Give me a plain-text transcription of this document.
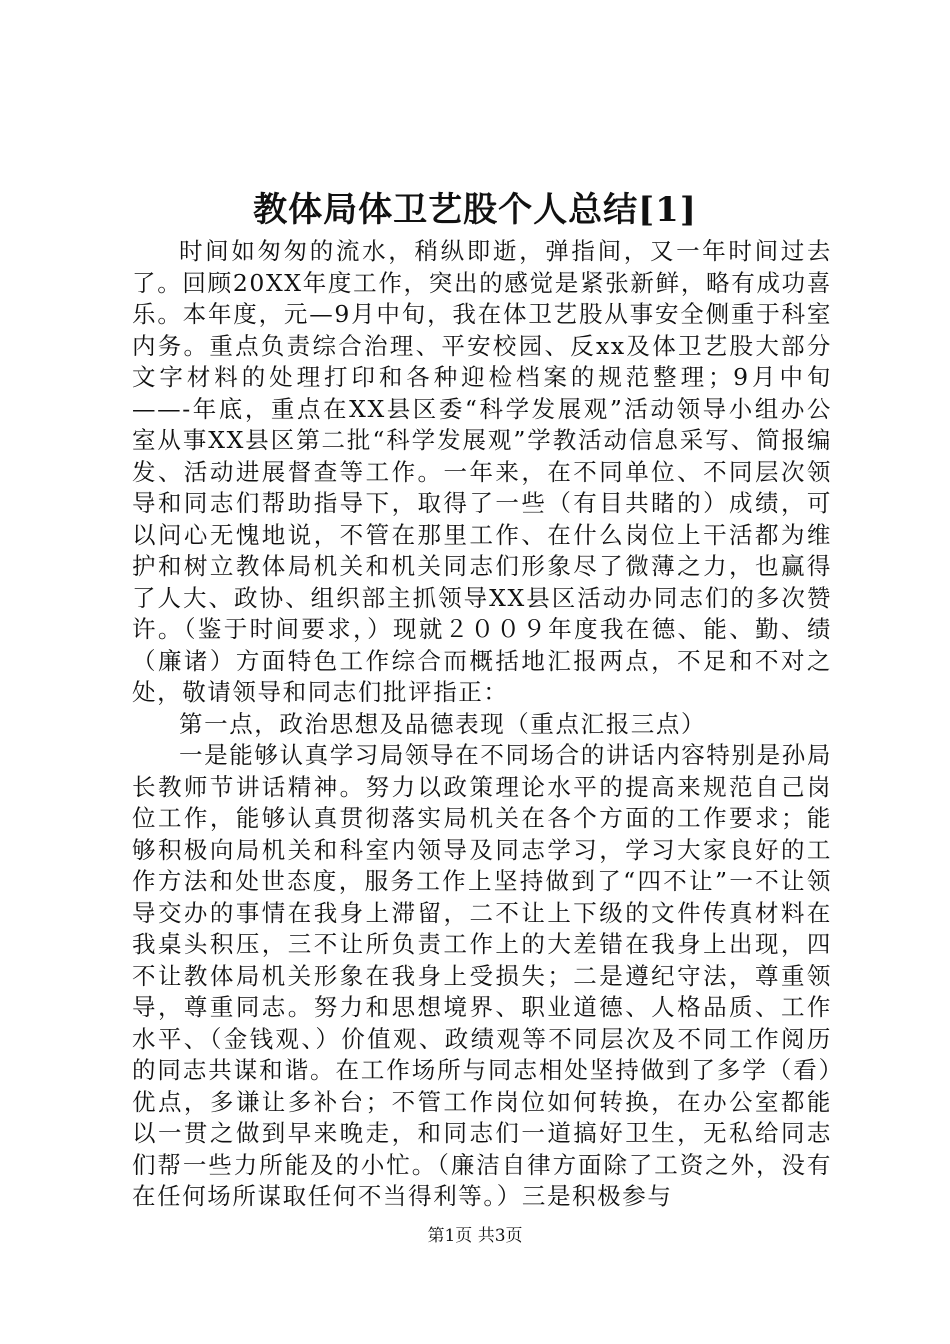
教体局体卫艺股个人总结[1]

时间如匆匆的流水，稍纵即逝，弹指间，又一年时间过去了。回顾20XX年度工作，突出的感觉是紧张新鲜，略有成功喜乐。本年度，元—9月中旬，我在体卫艺股从事安全侧重于科室内务。重点负责综合治理、平安校园、反xx及体卫艺股大部分文字材料的处理打印和各种迎检档案的规范整理；9月中旬——-年底，重点在XX县区委“科学发展观”活动领导小组办公室从事XX县区第二批“科学发展观”学教活动信息采写、简报编发、活动进展督查等工作。一年来，在不同单位、不同层次领导和同志们帮助指导下，取得了一些（有目共睹的）成绩，可以问心无愧地说，不管在那里工作、在什么岗位上干活都为维护和树立教体局机关和机关同志们形象尽了微薄之力，也赢得了人大、政协、组织部主抓领导XX县区活动办同志们的多次赞许。（鉴于时间要求，）现就２００９年度我在德、能、勤、绩（廉诸）方面特色工作综合而概括地汇报两点，不足和不对之处，敬请领导和同志们批评指正：

第一点，政治思想及品德表现（重点汇报三点）

一是能够认真学习局领导在不同场合的讲话内容特别是孙局长教师节讲话精神。努力以政策理论水平的提高来规范自己岗位工作，能够认真贯彻落实局机关在各个方面的工作要求；能够积极向局机关和科室内领导及同志学习，学习大家良好的工作方法和处世态度，服务工作上坚持做到了“四不让”一不让领导交办的事情在我身上滞留，二不让上下级的文件传真材料在我桌头积压，三不让所负责工作上的大差错在我身上出现，四不让教体局机关形象在我身上受损失；二是遵纪守法，尊重领导，尊重同志。努力和思想境界、职业道德、人格品质、工作水平、（金钱观、）价值观、政绩观等不同层次及不同工作阅历的同志共谋和谐。在工作场所与同志相处坚持做到了多学（看）优点，多谦让多补台；不管工作岗位如何转换，在办公室都能以一贯之做到早来晚走，和同志们一道搞好卫生，无私给同志们帮一些力所能及的小忙。（廉洁自律方面除了工资之外，没有在任何场所谋取任何不当得利等。）三是积极参与

第1页 共3页
